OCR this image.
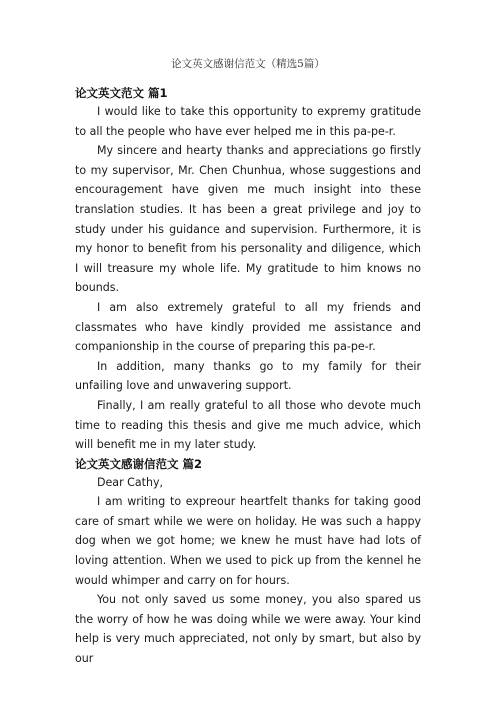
论文英文感谢信范文（精选5篇）
论文英文范文 篇1

I would like to take this opportunity to expremy gratitude to all the people who have ever helped me in this pa-pe-r.

My sincere and hearty thanks and appreciations go firstly to my supervisor, Mr. Chen Chunhua, whose suggestions and encouragement have given me much insight into these translation studies. It has been a great privilege and joy to study under his guidance and supervision. Furthermore, it is my honor to benefit from his personality and diligence, which I will treasure my whole life. My gratitude to him knows no bounds.

I am also extremely grateful to all my friends and classmates who have kindly provided me assistance and companionship in the course of preparing this pa-pe-r.

In addition, many thanks go to my family for their unfailing love and unwavering support.

Finally, I am really grateful to all those who devote much time to reading this thesis and give me much advice, which will benefit me in my later study.

论文英文感谢信范文 篇2

Dear Cathy,

I am writing to expreour heartfelt thanks for taking good care of smart while we were on holiday. He was such a happy dog when we got home; we knew he must have had lots of loving attention. When we used to pick up from the kennel he would whimper and carry on for hours.

You not only saved us some money, you also spared us the worry of how he was doing while we were away. Your kind help is very much appreciated, not only by smart, but also by our
